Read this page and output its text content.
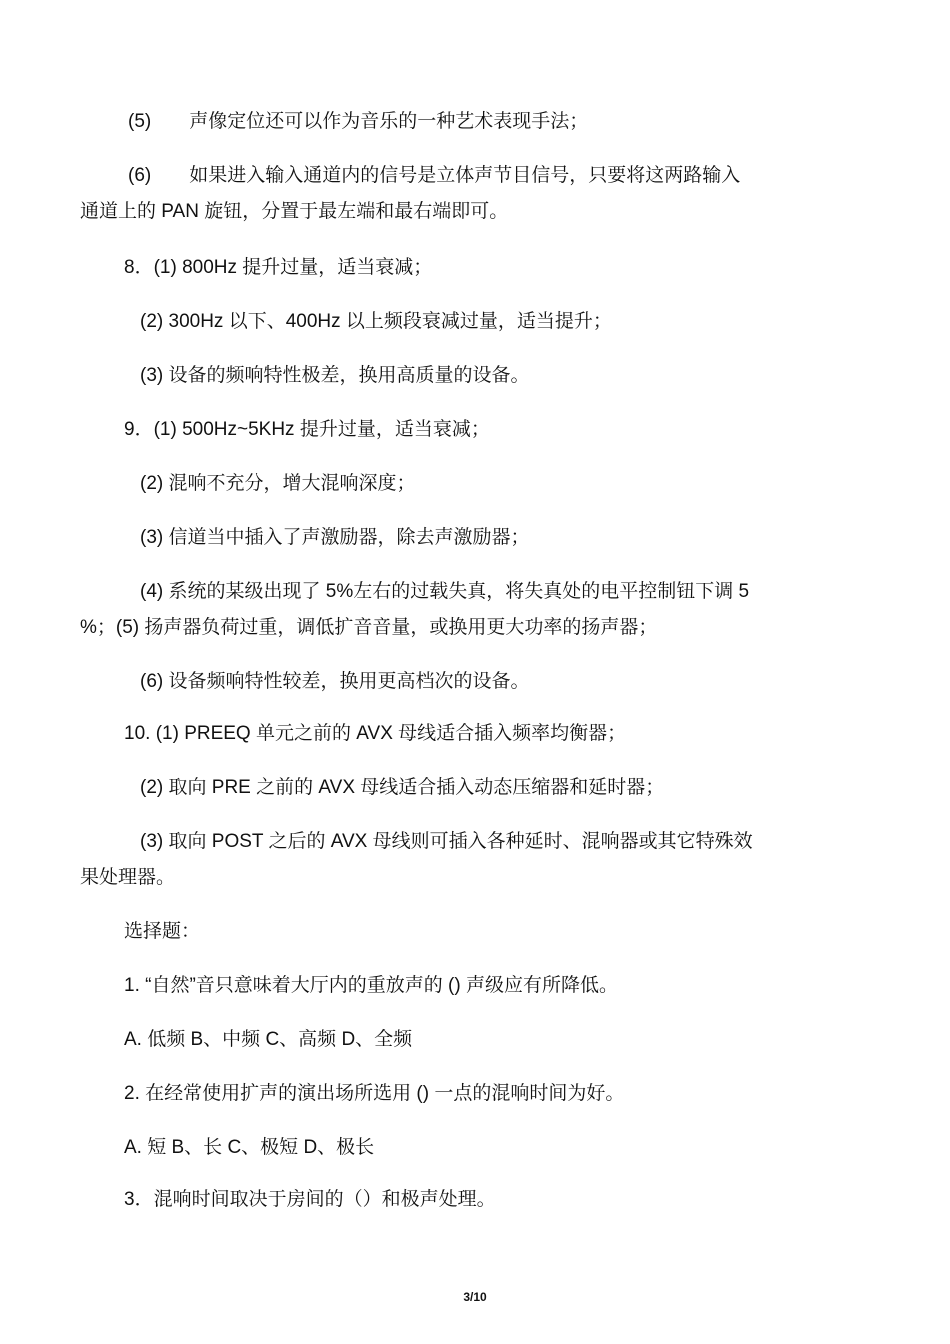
(5)　　声像定位还可以作为音乐的一种艺术表现手法；
(6)　　如果进入输入通道内的信号是立体声节目信号，只要将这两路输入
通道上的 PAN 旋钮，分置于最左端和最右端即可。
8．(1) 800Hz 提升过量，适当衰减；
(2) 300Hz 以下、400Hz 以上频段衰减过量，适当提升；
(3) 设备的频响特性极差，换用高质量的设备。
9．(1) 500Hz~5KHz 提升过量，适当衰减；
(2) 混响不充分，增大混响深度；
(3) 信道当中插入了声激励器，除去声激励器；
(4) 系统的某级出现了 5%左右的过载失真，将失真处的电平控制钮下调 5
%；(5) 扬声器负荷过重，调低扩音音量，或换用更大功率的扬声器；
(6) 设备频响特性较差，换用更高档次的设备。
10. (1) PREEQ 单元之前的 AVX 母线适合插入频率均衡器；
(2) 取向 PRE 之前的 AVX 母线适合插入动态压缩器和延时器；
(3) 取向 POST 之后的 AVX 母线则可插入各种延时、混响器或其它特殊效
果处理器。
选择题：
1. “自然”音只意味着大厅内的重放声的 () 声级应有所降低。
A. 低频 B、中频 C、高频 D、全频
2. 在经常使用扩声的演出场所选用 () 一点的混响时间为好。
A. 短 B、长 C、极短 D、极长
3．混响时间取决于房间的（）和极声处理。
3/10
